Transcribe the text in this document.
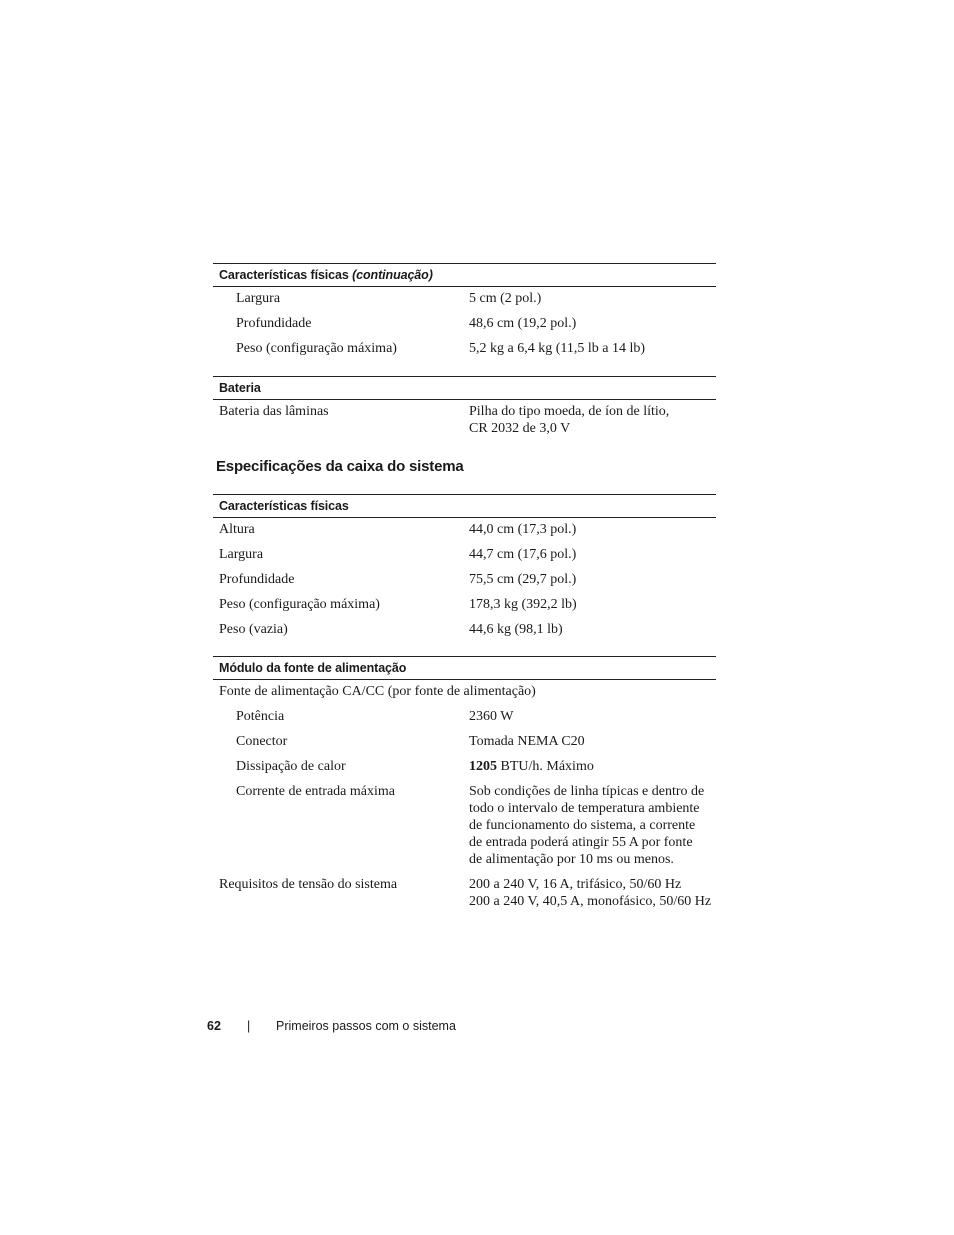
Características físicas (continuação)
Largura	5 cm (2 pol.)
Profundidade	48,6 cm (19,2 pol.)
Peso (configuração máxima)	5,2 kg a 6,4 kg (11,5 lb a 14 lb)
Bateria
Bateria das lâminas	Pilha do tipo moeda, de íon de lítio,
CR 2032 de 3,0 V
Especificações da caixa do sistema
Características físicas
Altura	44,0 cm (17,3 pol.)
Largura	44,7 cm (17,6 pol.)
Profundidade	75,5 cm (29,7 pol.)
Peso (configuração máxima)	178,3 kg (392,2 lb)
Peso (vazia)	44,6 kg (98,1 lb)
Módulo da fonte de alimentação
Fonte de alimentação CA/CC (por fonte de alimentação)
Potência	2360 W
Conector	Tomada NEMA C20
Dissipação de calor	1205 BTU/h. Máximo
Corrente de entrada máxima	Sob condições de linha típicas e dentro de
todo o intervalo de temperatura ambiente
de funcionamento do sistema, a corrente
de entrada poderá atingir 55 A por fonte
de alimentação por 10 ms ou menos.
Requisitos de tensão do sistema	200 a 240 V, 16 A, trifásico, 50/60 Hz
200 a 240 V, 40,5 A, monofásico, 50/60 Hz
62	|	Primeiros passos com o sistema
